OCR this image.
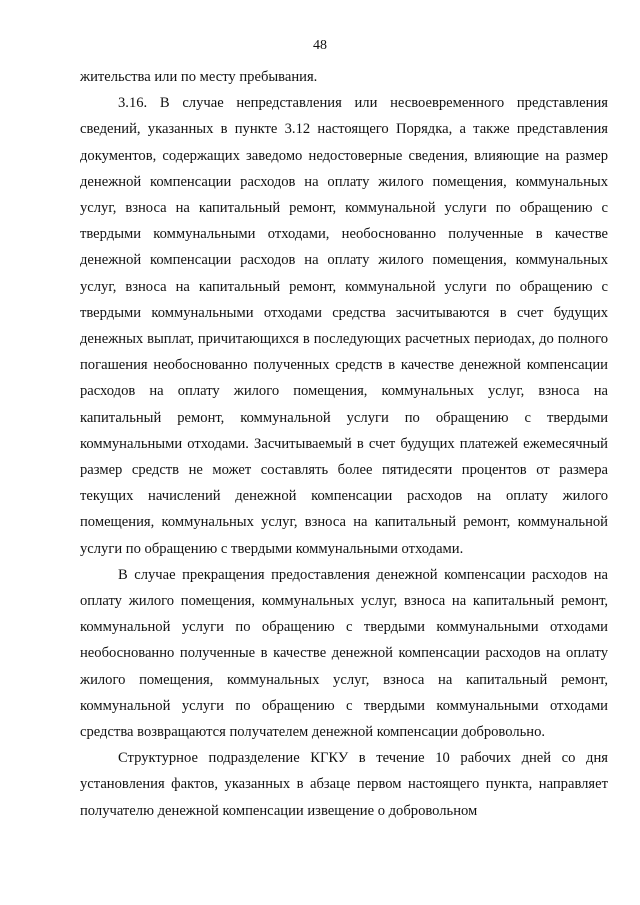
48

жительства или по месту пребывания.

3.16. В случае непредставления или несвоевременного представления сведений, указанных в пункте 3.12 настоящего Порядка, а также представления документов, содержащих заведомо недостоверные сведения, влияющие на размер денежной компенсации расходов на оплату жилого помещения, коммунальных услуг, взноса на капитальный ремонт, коммунальной услуги по обращению с твердыми коммунальными отходами, необоснованно полученные в качестве денежной компенсации расходов на оплату жилого помещения, коммунальных услуг, взноса на капитальный ремонт, коммунальной услуги по обращению с твердыми коммунальными отходами средства засчитываются в счет будущих денежных выплат, причитающихся в последующих расчетных периодах, до полного погашения необоснованно полученных средств в качестве денежной компенсации расходов на оплату жилого помещения, коммунальных услуг, взноса на капитальный ремонт, коммунальной услуги по обращению с твердыми коммунальными отходами. Засчитываемый в счет будущих платежей ежемесячный размер средств не может составлять более пятидесяти процентов от размера текущих начислений денежной компенсации расходов на оплату жилого помещения, коммунальных услуг, взноса на капитальный ремонт, коммунальной услуги по обращению с твердыми коммунальными отходами.

В случае прекращения предоставления денежной компенсации расходов на оплату жилого помещения, коммунальных услуг, взноса на капитальный ремонт, коммунальной услуги по обращению с твердыми коммунальными отходами необоснованно полученные в качестве денежной компенсации расходов на оплату жилого помещения, коммунальных услуг, взноса на капитальный ремонт, коммунальной услуги по обращению с твердыми коммунальными отходами средства возвращаются получателем денежной компенсации добровольно.

Структурное подразделение КГКУ в течение 10 рабочих дней со дня установления фактов, указанных в абзаце первом настоящего пункта, направляет получателю денежной компенсации извещение о добровольном
